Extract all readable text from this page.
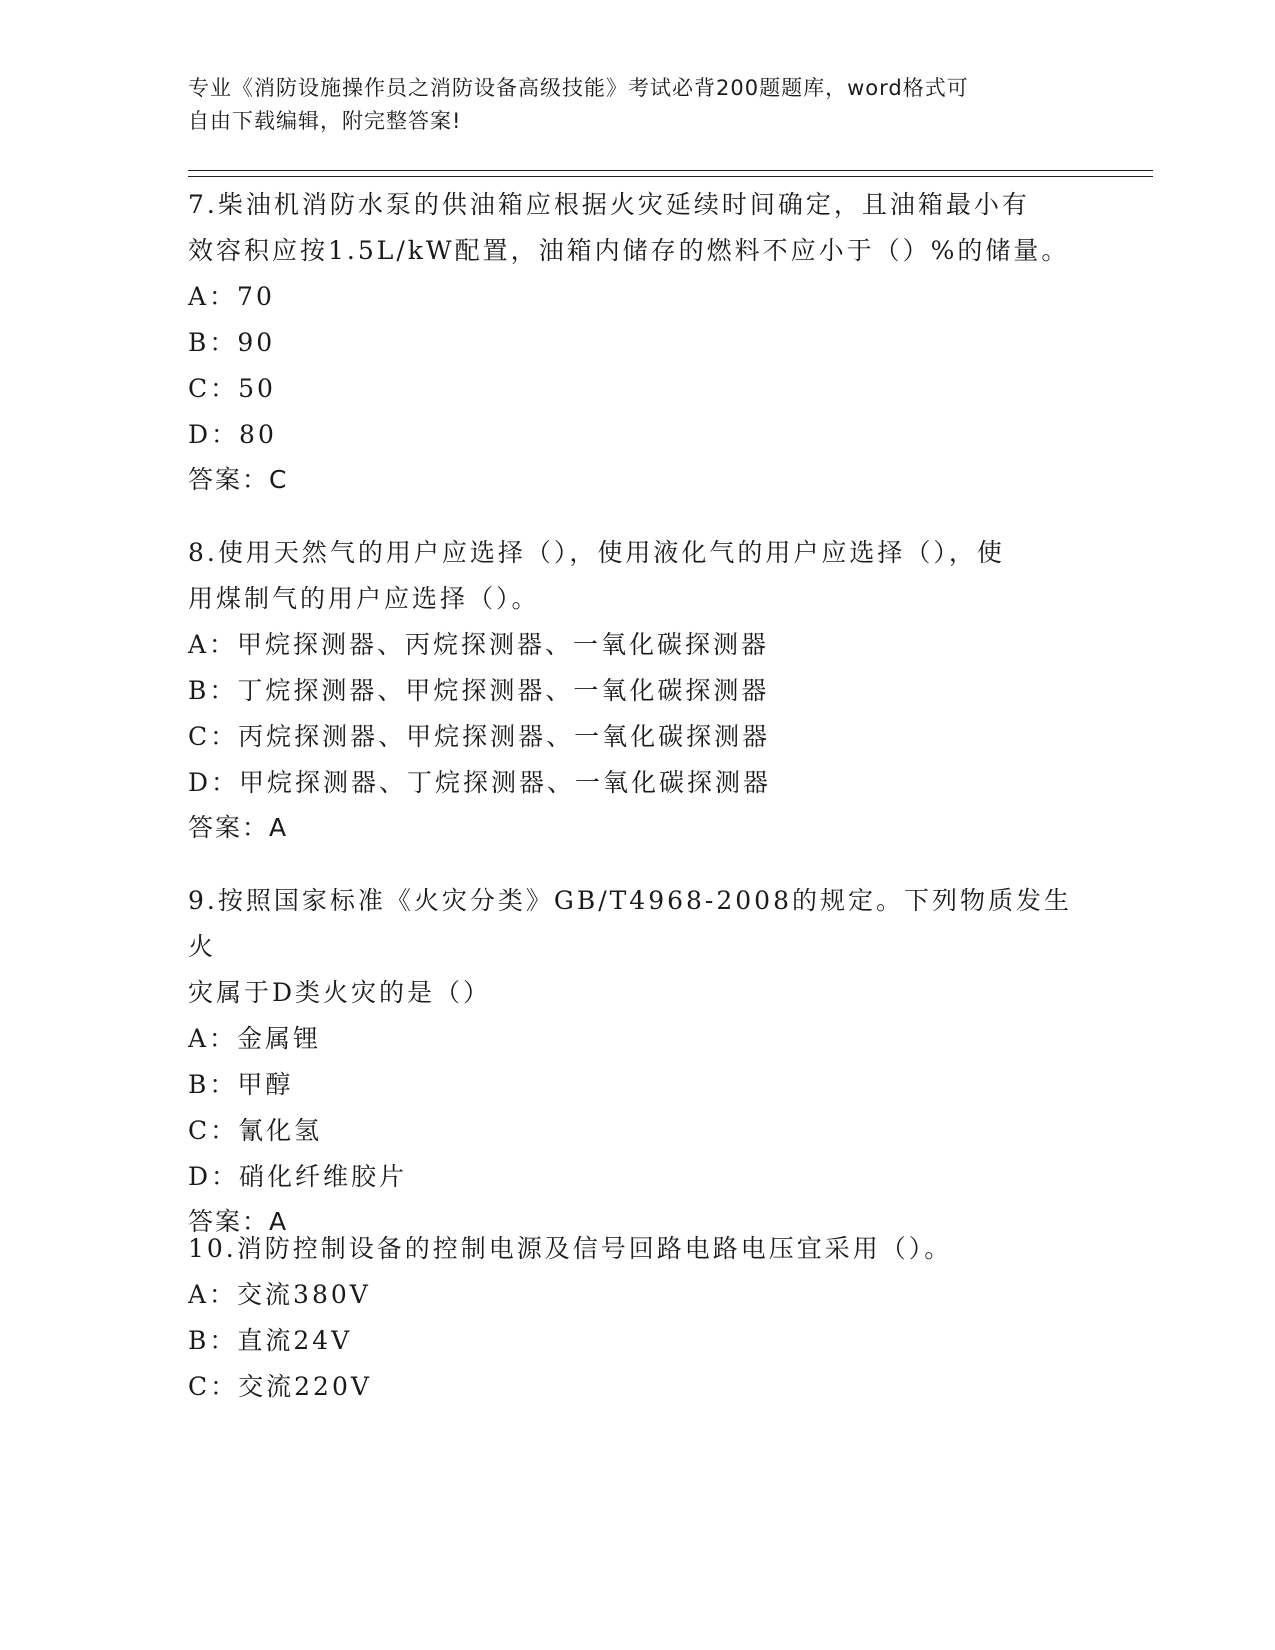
专业《消防设施操作员之消防设备高级技能》考试必背200题题库，word格式可
自由下载编辑，附完整答案!
7.柴油机消防水泵的供油箱应根据火灾延续时间确定，且油箱最小有
效容积应按1.5L/kW配置，油箱内储存的燃料不应小于（）%的储量。
A：70
B：90
C：50
D：80
答案：C
8.使用天然气的用户应选择（），使用液化气的用户应选择（），使
用煤制气的用户应选择（）。
A：甲烷探测器、丙烷探测器、一氧化碳探测器
B：丁烷探测器、甲烷探测器、一氧化碳探测器
C：丙烷探测器、甲烷探测器、一氧化碳探测器
D：甲烷探测器、丁烷探测器、一氧化碳探测器
答案：A
9.按照国家标准《火灾分类》GB/T4968-2008的规定。下列物质发生火
灾属于D类火灾的是（）
A：金属锂
B：甲醇
C：氰化氢
D：硝化纤维胶片
答案：A
10.消防控制设备的控制电源及信号回路电路电压宜采用（）。
A：交流380V
B：直流24V
C：交流220V
